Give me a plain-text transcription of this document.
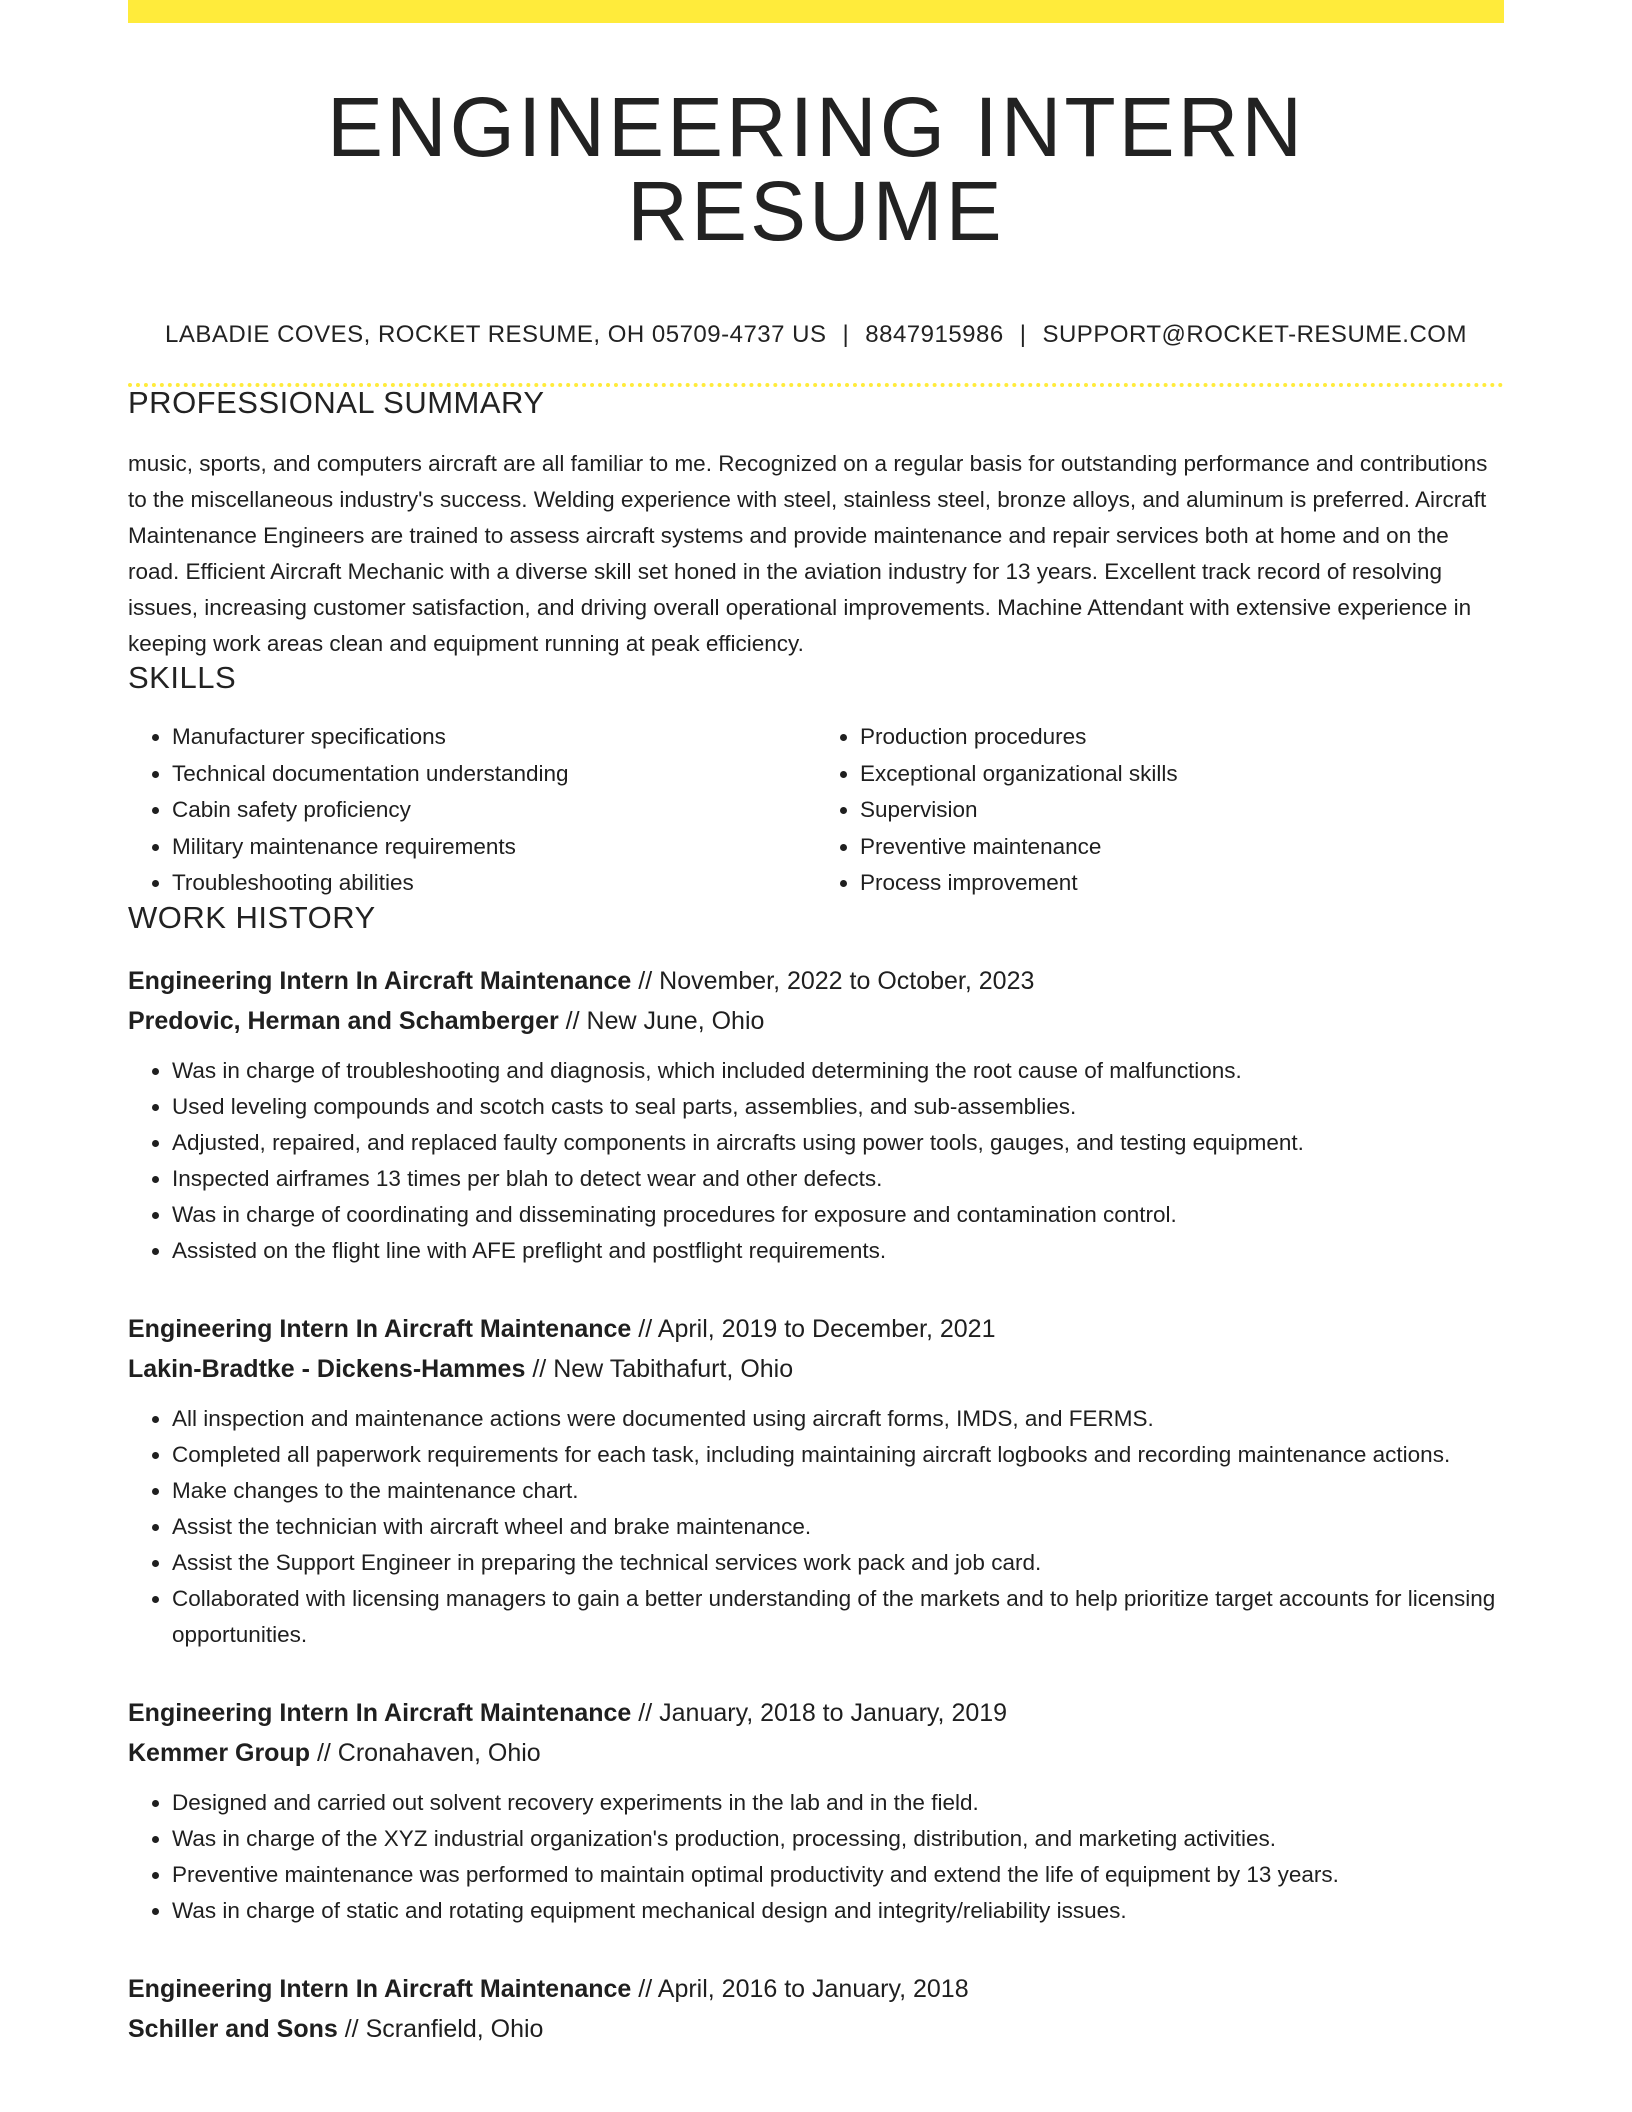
ENGINEERING INTERN RESUME
LABADIE COVES, ROCKET RESUME, OH 05709-4737 US | 8847915986 | SUPPORT@ROCKET-RESUME.COM
PROFESSIONAL SUMMARY
music, sports, and computers aircraft are all familiar to me. Recognized on a regular basis for outstanding performance and contributions to the miscellaneous industry's success. Welding experience with steel, stainless steel, bronze alloys, and aluminum is preferred. Aircraft Maintenance Engineers are trained to assess aircraft systems and provide maintenance and repair services both at home and on the road. Efficient Aircraft Mechanic with a diverse skill set honed in the aviation industry for 13 years. Excellent track record of resolving issues, increasing customer satisfaction, and driving overall operational improvements. Machine Attendant with extensive experience in keeping work areas clean and equipment running at peak efficiency.
SKILLS
• Manufacturer specifications
• Technical documentation understanding
• Cabin safety proficiency
• Military maintenance requirements
• Troubleshooting abilities
• Production procedures
• Exceptional organizational skills
• Supervision
• Preventive maintenance
• Process improvement
WORK HISTORY
Engineering Intern In Aircraft Maintenance // November, 2022 to October, 2023
Predovic, Herman and Schamberger // New June, Ohio
• Was in charge of troubleshooting and diagnosis, which included determining the root cause of malfunctions.
• Used leveling compounds and scotch casts to seal parts, assemblies, and sub-assemblies.
• Adjusted, repaired, and replaced faulty components in aircrafts using power tools, gauges, and testing equipment.
• Inspected airframes 13 times per blah to detect wear and other defects.
• Was in charge of coordinating and disseminating procedures for exposure and contamination control.
• Assisted on the flight line with AFE preflight and postflight requirements.
Engineering Intern In Aircraft Maintenance // April, 2019 to December, 2021
Lakin-Bradtke - Dickens-Hammes // New Tabithafurt, Ohio
• All inspection and maintenance actions were documented using aircraft forms, IMDS, and FERMS.
• Completed all paperwork requirements for each task, including maintaining aircraft logbooks and recording maintenance actions.
• Make changes to the maintenance chart.
• Assist the technician with aircraft wheel and brake maintenance.
• Assist the Support Engineer in preparing the technical services work pack and job card.
• Collaborated with licensing managers to gain a better understanding of the markets and to help prioritize target accounts for licensing opportunities.
Engineering Intern In Aircraft Maintenance // January, 2018 to January, 2019
Kemmer Group // Cronahaven, Ohio
• Designed and carried out solvent recovery experiments in the lab and in the field.
• Was in charge of the XYZ industrial organization's production, processing, distribution, and marketing activities.
• Preventive maintenance was performed to maintain optimal productivity and extend the life of equipment by 13 years.
• Was in charge of static and rotating equipment mechanical design and integrity/reliability issues.
Engineering Intern In Aircraft Maintenance // April, 2016 to January, 2018
Schiller and Sons // Scranfield, Ohio
